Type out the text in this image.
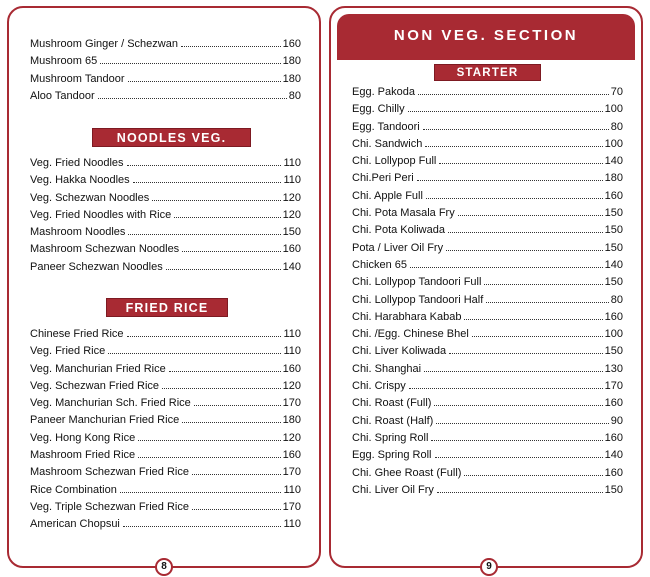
Mushroom Ginger / Schezwan	160
Mushroom 65	180
Mushroom Tandoor	180
Aloo Tandoor	80
NOODLES VEG.
Veg. Fried Noodles	110
Veg. Hakka Noodles	110
Veg. Schezwan Noodles	120
Veg. Fried Noodles with Rice	120
Mashroom Noodles	150
Mashroom Schezwan Noodles	160
Paneer Schezwan Noodles	140
FRIED RICE
Chinese Fried Rice	110
Veg. Fried Rice	110
Veg. Manchurian Fried Rice	160
Veg. Schezwan Fried Rice	120
Veg. Manchurian Sch. Fried Rice	170
Paneer Manchurian Fried Rice	180
Veg. Hong Kong Rice	120
Mashroom Fried Rice	160
Mashroom Schezwan Fried Rice	170
Rice Combination	110
Veg. Triple Schezwan Fried Rice	170
American Chopsui	110
8
NON VEG. SECTION
STARTER
Egg. Pakoda	70
Egg. Chilly	100
Egg. Tandoori	80
Chi. Sandwich	100
Chi. Lollypop Full	140
Chi.Peri Peri	180
Chi. Apple Full	160
Chi. Pota Masala Fry	150
Chi. Pota Koliwada	150
Pota / Liver Oil Fry	150
Chicken 65	140
Chi. Lollypop Tandoori Full	150
Chi. Lollypop Tandoori Half	80
Chi. Harabhara Kabab	160
Chi. /Egg. Chinese Bhel	100
Chi. Liver Koliwada	150
Chi. Shanghai	130
Chi. Crispy	170
Chi. Roast (Full)	160
Chi. Roast (Half)	90
Chi. Spring Roll	160
Egg. Spring Roll	140
Chi. Ghee Roast (Full)	160
Chi. Liver Oil Fry	150
9
